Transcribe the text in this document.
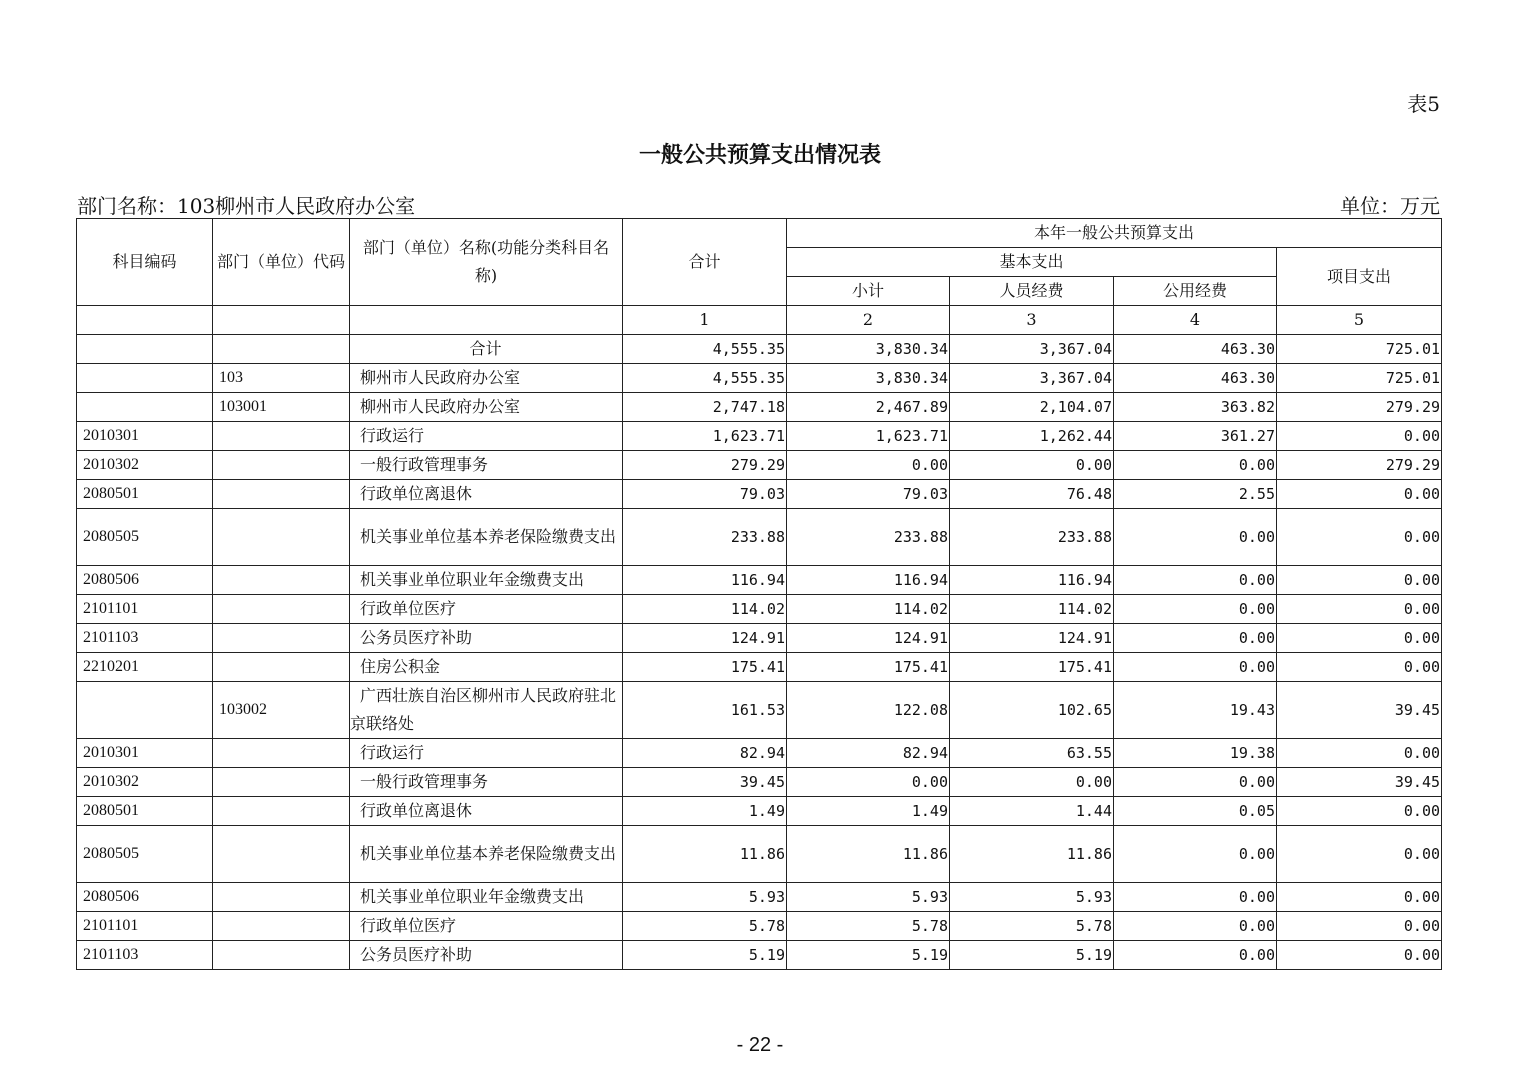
表5
一般公共预算支出情况表
部门名称：103柳州市人民政府办公室	单位：万元
科目编码	部门（单位）代码	部门（单位）名称(功能分类科目名称)	合计	本年一般公共预算支出			
				基本支出			项目支出
				小计	人员经费	公用经费	
			1	2	3	4	5
		合计	4,555.35	3,830.34	3,367.04	463.30	725.01
	103	柳州市人民政府办公室	4,555.35	3,830.34	3,367.04	463.30	725.01
	103001	柳州市人民政府办公室	2,747.18	2,467.89	2,104.07	363.82	279.29
2010301		行政运行	1,623.71	1,623.71	1,262.44	361.27	0.00
2010302		一般行政管理事务	279.29	0.00	0.00	0.00	279.29
2080501		行政单位离退休	79.03	79.03	76.48	2.55	0.00
2080505		机关事业单位基本养老保险缴费支出	233.88	233.88	233.88	0.00	0.00
2080506		机关事业单位职业年金缴费支出	116.94	116.94	116.94	0.00	0.00
2101101		行政单位医疗	114.02	114.02	114.02	0.00	0.00
2101103		公务员医疗补助	124.91	124.91	124.91	0.00	0.00
2210201		住房公积金	175.41	175.41	175.41	0.00	0.00
	103002	广西壮族自治区柳州市人民政府驻北京联络处	161.53	122.08	102.65	19.43	39.45
2010301		行政运行	82.94	82.94	63.55	19.38	0.00
2010302		一般行政管理事务	39.45	0.00	0.00	0.00	39.45
2080501		行政单位离退休	1.49	1.49	1.44	0.05	0.00
2080505		机关事业单位基本养老保险缴费支出	11.86	11.86	11.86	0.00	0.00
2080506		机关事业单位职业年金缴费支出	5.93	5.93	5.93	0.00	0.00
2101101		行政单位医疗	5.78	5.78	5.78	0.00	0.00
2101103		公务员医疗补助	5.19	5.19	5.19	0.00	0.00
- 22 -
